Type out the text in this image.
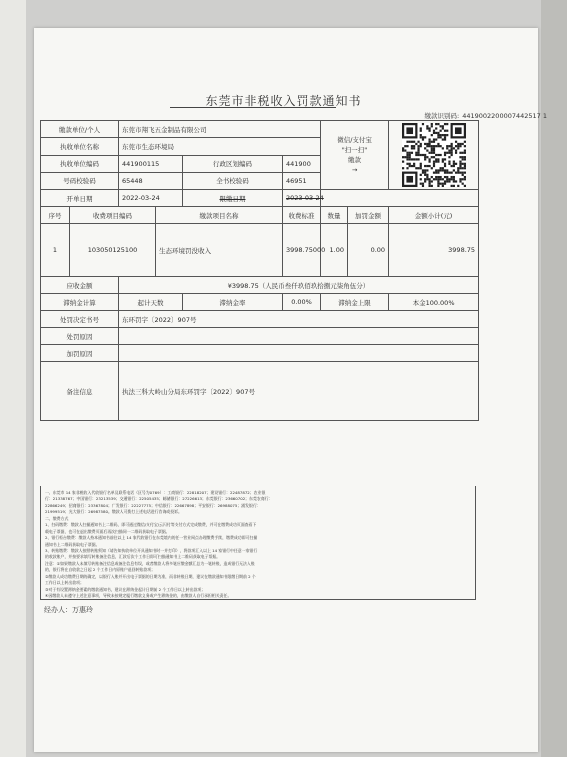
东莞市非税收入罚款通知书
缴款识别码: 4419002200007442517 1
缴款单位/个人		东莞市翔飞五金制品有限公司				微信/支付宝
"扫一扫"
缴款
→	

执收单位名称		东莞市生态环境局						
执收单位编码		441900115		行政区划编码	441900			
号码校验码		65448		全书校验码	46951			
开单日期		2022-03-24		限缴日期	2023-03-24			
序号	收费项目编码		缴款项目名称		收费标准	数量	加罚金额	金额小计(元)
1	103050125100		生态环境罚没收入		3998.75000	1.00	0.00	3998.75
应收金额		¥3998.75（人民币叁仟玖佰玖拾捌元柒角伍分）						
滞纳金计算		起计天数		滞纳金率	0.00%	滞纳金上限		本金100.00%
处罚决定书号		东环罚字〔2022〕907号						
处罚原因								
加罚原因								
备注信息		执法三科大岭山分局东环罚字〔2022〕907号						

一、东莞市 14 家非税收入代收银行名单及联系电话（区号为0769）：工商银行：22818207；建设银行：22487872；农业银

行：21338767；中国银行：23213539；交通银行：22505435；邮储银行：27226613；东莞银行：23660702；东莞农商行：

22866249；招商银行：23367804；广发银行：22227775；中信银行：22667898；平安银行：26988075；浦发银行：

21999519；光大银行：26987580。缴款人可拨打上述电话进行咨询或投诉。

二、缴费方式

1、扫码缴费：缴款人扫描通知书上二维码，即可通过微信/支付宝/云闪付等支付方式完成缴费，并可在缴费成功页面查看下

载电子票据，也可在退出缴费页面后再次扫描同一二维码获取电子票据。

2、银行柜台缴费：缴款人持本通知书前往以上 14 家代收银行在东莞境内的任一营业网点办理缴费手续，缴费成功即可扫描

通知书上二维码获取电子票据。

3、转账缴费：缴款人按照转账须知（请告知执收单位开具通知书时一并打印），将款项汇入以上 14 家银行中任意一家银行

的收款账户，并按要求填写转账备注信息，汇款后次个工作日即可扫描通知书上二维码获取电子票据。

注意：①如果缴款人未填写转账备注信息或备注信息有误，或者缴款人将多笔应缴金额汇总为一笔转账，造成银行无法入账

的，银行将在自收款之日起 2 个工作日内原账户退回转账款项；

②缴款人成功缴费日期的确定，以银行入账并开出电子票据的日期为准，而非转账日期，建议在缴款通知书限缴日期前 2 个

工作日以上转出款项；

③对于有设置滞纳金要素的缴款通知书，建议在滞纳金起计日期前 2 个工作日以上转出款项；

④因缴款人未遵守上述注意事项，导致未按规定履行缴款义务或产生滞纳金的，由缴款人自行承担相关责任。

经办人：万惠玲
